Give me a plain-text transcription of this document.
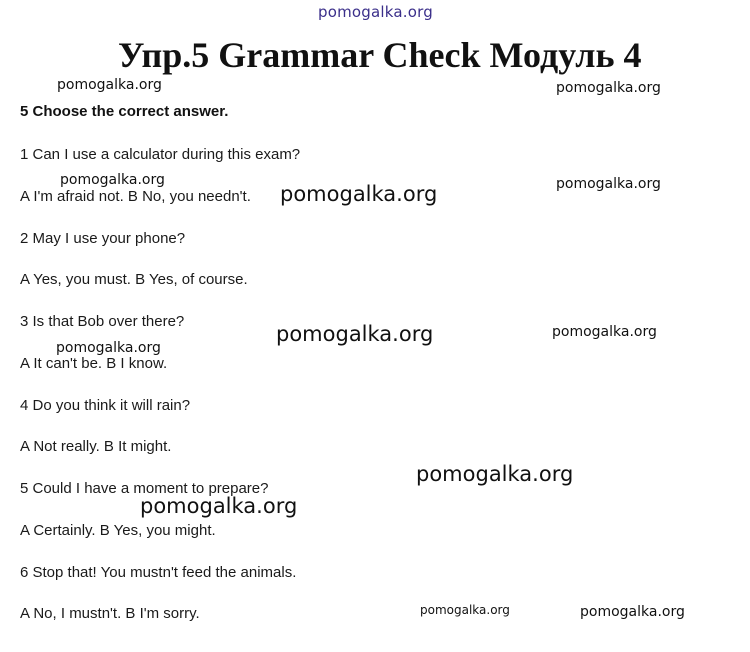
pomogalka.org
Упр.5 Grammar Check Модуль 4
5 Choose the correct answer.
1 Can I use a calculator during this exam?
A I'm afraid not. B No, you needn't.
2 May I use your phone?
A Yes, you must. B Yes, of course.
3 Is that Bob over there?
A It can't be. B I know.
4 Do you think it will rain?
A Not really. B It might.
5 Could I have a moment to prepare?
A Certainly. B Yes, you might.
6 Stop that! You mustn't feed the animals.
A No, I mustn't. B I'm sorry.
pomogalka.org	pomogalka.org
pomogalka.org
pomogalka.org	pomogalka.org
pomogalka.org	pomogalka.org
pomogalka.org
pomogalka.org
pomogalka.org
pomogalka.org	pomogalka.org
